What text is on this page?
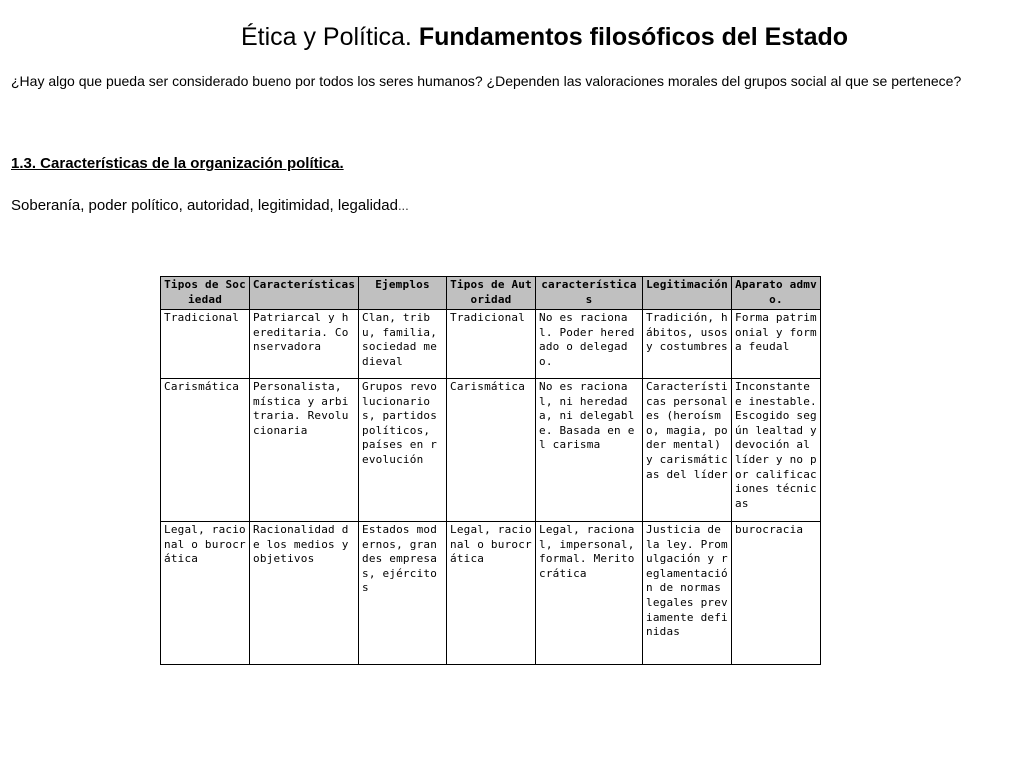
Ética y Política. Fundamentos filosóficos del Estado
¿Hay algo que pueda ser considerado bueno por todos los seres humanos? ¿Dependen las valoraciones morales del grupos social al que se pertenece?
1.3. Características de la organización política.
Soberanía, poder político, autoridad, legitimidad, legalidad...
Tipos de Sociedad	Características	Ejemplos	Tipos de Autoridad	características	Legitimación	Aparato admvo.
Tradicional	Patriarcal y hereditaria. Conservadora	Clan, tribu, familia, sociedad medieval	Tradicional	No es racional. Poder heredado o delegado.	Tradición, hábitos, usos y costumbres	Forma patrimonial y forma feudal
Carismática	Personalista, mística y arbitraria. Revolucionaria	Grupos revolucionarios, partidos políticos, países en revolución	Carismática	No es racional, ni heredada, ni delegable. Basada en el carisma	Características personales (heroísmo, magia, poder mental) y carismáticas del líder	Inconstante e inestable. Escogido según lealtad y devoción al líder y no por calificaciones técnicas
Legal, racional o burocrática	Racionalidad de los medios y objetivos	Estados modernos, grandes empresas, ejércitos	Legal, racional o burocrática	Legal, racional, impersonal, formal. Meritocrática	Justicia de la ley. Promulgación y reglamentación de normas legales previamente definidas	burocracia
